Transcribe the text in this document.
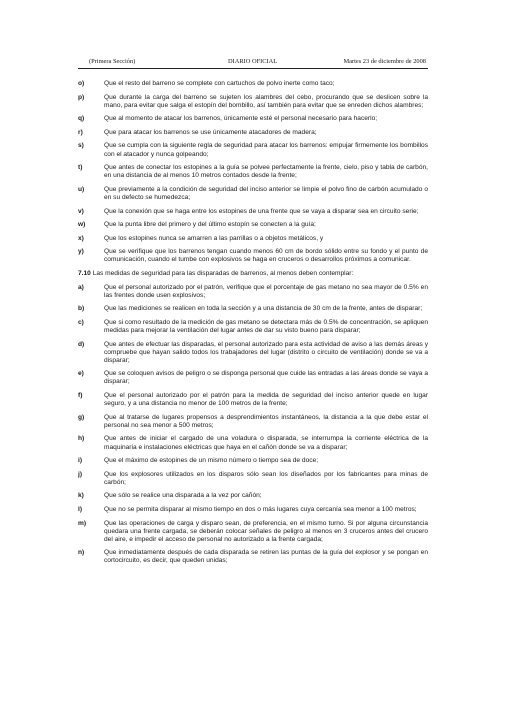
(Primera Sección)	DIARIO OFICIAL	Martes 23 de diciembre de 2008
o)	Que el resto del barreno se complete con cartuchos de polvo inerte como taco;
p)	Que durante la carga del barreno se sujeten los alambres del cebo, procurando que se deslicen sobre la mano, para evitar que salga el estopín del bombillo, así también para evitar que se enreden dichos alambres;
q)	Que al momento de atacar los barrenos, únicamente esté el personal necesario para hacerlo;
r)	Que para atacar los barrenos se use únicamente atacadores de madera;
s)	Que se cumpla con la siguiente regla de seguridad para atacar los barrenos: empujar firmemente los bombillos con el atacador y nunca golpeando;
t)	Que antes de conectar los estopines a la guía se polvee perfectamente la frente, cielo, piso y tabla de carbón, en una distancia de al menos 10 metros contados desde la frente;
u)	Que previamente a la condición de seguridad del inciso anterior se limpie el polvo fino de carbón acumulado o en su defecto se humedezca;
v)	Que la conexión que se haga entre los estopines de una frente que se vaya a disparar sea en circuito serie;
w)	Que la punta libre del primero y del último estopín se conecten a la guía;
x)	Que los estopines nunca se amarren a las parrillas o a objetos metálicos, y
y)	Que se verifique que los barrenos tengan cuando menos 60 cm de bordo sólido entre su fondo y el punto de comunicación, cuando el tumbe con explosivos se haga en cruceros o desarrollos próximos a comunicar.
7.10 Las medidas de seguridad para las disparadas de barrenos, al menos deben contemplar:
a)	Que el personal autorizado por el patrón, verifique que el porcentaje de gas metano no sea mayor de 0.5% en las frentes donde usen explosivos;
b)	Que las mediciones se realicen en toda la sección y a una distancia de 30 cm de la frente, antes de disparar;
c)	Que si como resultado de la medición de gas metano se detectara más de 0.5% de concentración, se apliquen medidas para mejorar la ventilación del lugar antes de dar su visto bueno para disparar;
d)	Que antes de efectuar las disparadas, el personal autorizado para esta actividad de aviso a las demás áreas y compruebe que hayan salido todos los trabajadores del lugar (distrito o circuito de ventilación) donde se va a disparar;
e)	Que se coloquen avisos de peligro o se disponga personal que cuide las entradas a las áreas donde se vaya a disparar;
f)	Que el personal autorizado por el patrón para la medida de seguridad del inciso anterior quede en lugar seguro, y a una distancia no menor de 100 metros de la frente;
g)	Que al tratarse de lugares propensos a desprendimientos instantáneos, la distancia a la que debe estar el personal no sea menor a 500 metros;
h)	Que antes de iniciar el cargado de una voladura o disparada, se interrumpa la corriente eléctrica de la maquinaria e instalaciones eléctricas que haya en el cañón donde se va a disparar;
i)	Que el máximo de estopines de un mismo número o tiempo sea de doce;
j)	Que los explosores utilizados en los disparos sólo sean los diseñados por los fabricantes para minas de carbón;
k)	Que sólo se realice una disparada a la vez por cañón;
l)	Que no se permita disparar al mismo tiempo en dos o más lugares cuya cercanía sea menor a 100 metros;
m)	Que las operaciones de carga y disparo sean, de preferencia, en el mismo turno. Si por alguna circunstancia quedara una frente cargada, se deberán colocar señales de peligro al menos en 3 cruceros antes del crucero del aire, e impedir el acceso de personal no autorizado a la frente cargada;
n)	Que inmediatamente después de cada disparada se retiren las puntas de la guía del explosor y se pongan en cortocircuito, es decir, que queden unidas;
